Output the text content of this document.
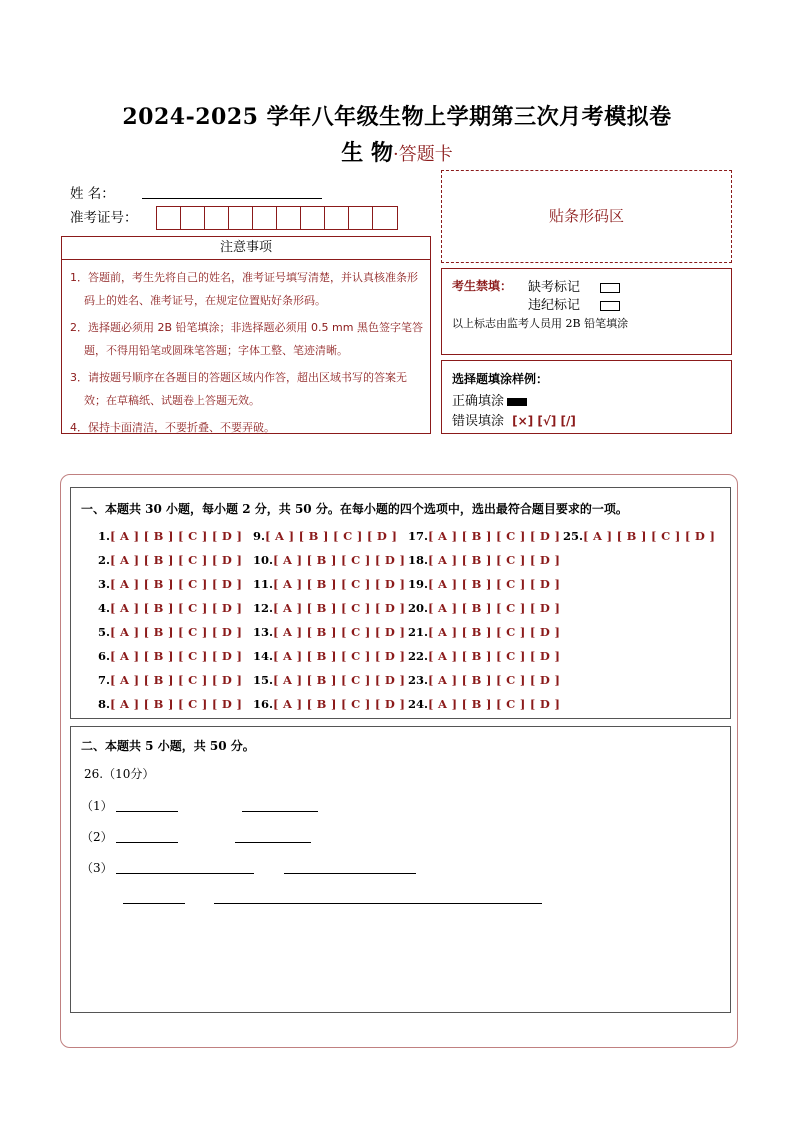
2024-2025 学年八年级生物上学期第三次月考模拟卷
生 物·答题卡
姓 名：
准考证号：
注意事项

1．答题前，考生先将自己的姓名，准考证号填写清楚，并认真核准条形码上的姓名、准考证号，在规定位置贴好条形码。

2．选择题必须用 2B 铅笔填涂；非选择题必须用 0.5 mm 黑色签字笔答题，不得用铅笔或圆珠笔答题；字体工整、笔迹清晰。

3．请按题号顺序在各题目的答题区域内作答，超出区域书写的答案无效；在草稿纸、试题卷上答题无效。

4．保持卡面清洁，不要折叠、不要弄破。

贴条形码区
考生禁填： 缺考标记
违纪标记
以上标志由监考人员用 2B 铅笔填涂
选择题填涂样例：
正确填涂
错误填涂 [×] [√] [/]
一、本题共 30 小题，每小题 2 分，共 50 分。在每小题的四个选项中，选出最符合题目要求的一项。
1.[ A ] [ B ] [ C ] [ D ]
2.[ A ] [ B ] [ C ] [ D ]
3.[ A ] [ B ] [ C ] [ D ]
4.[ A ] [ B ] [ C ] [ D ]
5.[ A ] [ B ] [ C ] [ D ]
6.[ A ] [ B ] [ C ] [ D ]
7.[ A ] [ B ] [ C ] [ D ]
8.[ A ] [ B ] [ C ] [ D ]
9.[ A ] [ B ] [ C ] [ D ]
10.[ A ] [ B ] [ C ] [ D ]
11.[ A ] [ B ] [ C ] [ D ]
12.[ A ] [ B ] [ C ] [ D ]
13.[ A ] [ B ] [ C ] [ D ]
14.[ A ] [ B ] [ C ] [ D ]
15.[ A ] [ B ] [ C ] [ D ]
16.[ A ] [ B ] [ C ] [ D ]
17.[ A ] [ B ] [ C ] [ D ]
18.[ A ] [ B ] [ C ] [ D ]
19.[ A ] [ B ] [ C ] [ D ]
20.[ A ] [ B ] [ C ] [ D ]
21.[ A ] [ B ] [ C ] [ D ]
22.[ A ] [ B ] [ C ] [ D ]
23.[ A ] [ B ] [ C ] [ D ]
24.[ A ] [ B ] [ C ] [ D ]
25.[ A ] [ B ] [ C ] [ D ]
二、本题共 5 小题，共 50 分。
26.（10分）
（1）
（2）
（3）
